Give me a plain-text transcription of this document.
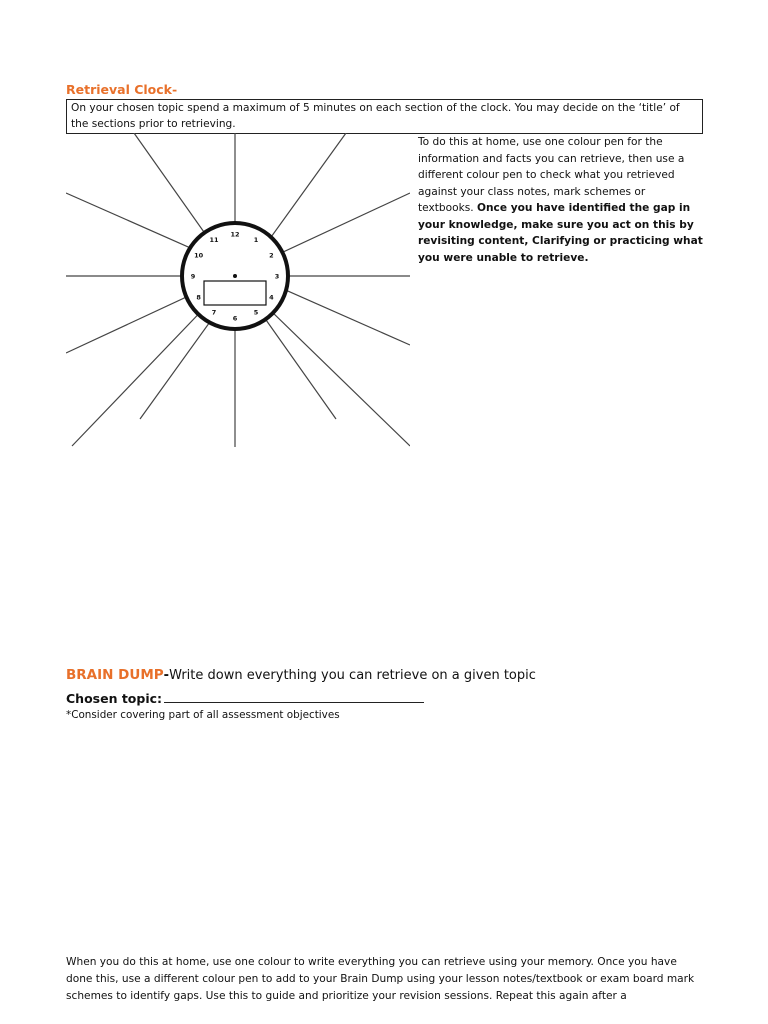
Retrieval Clock-
On your chosen topic spend a maximum of 5 minutes on each section of the clock. You may decide on the ‘title’ of the sections prior to retrieving.
12
1
2
3
4
5
6
7
8
9
10
11
To do this at home, use one colour pen for the information and facts you can retrieve, then use a different colour pen to check what you retrieved against your class notes, mark schemes or textbooks. Once you have identified the gap in your knowledge, make sure you act on this by revisiting content, Clarifying or practicing what you were unable to retrieve.
BRAIN DUMP-Write down everything you can retrieve on a given topic
Chosen topic:
*Consider covering part of all assessment objectives
When you do this at home, use one colour to write everything you can retrieve using your memory. Once you have done this, use a different colour pen to add to your Brain Dump using your lesson notes/textbook or exam board mark schemes to identify gaps. Use this to guide and prioritize your revision sessions. Repeat this again after a
